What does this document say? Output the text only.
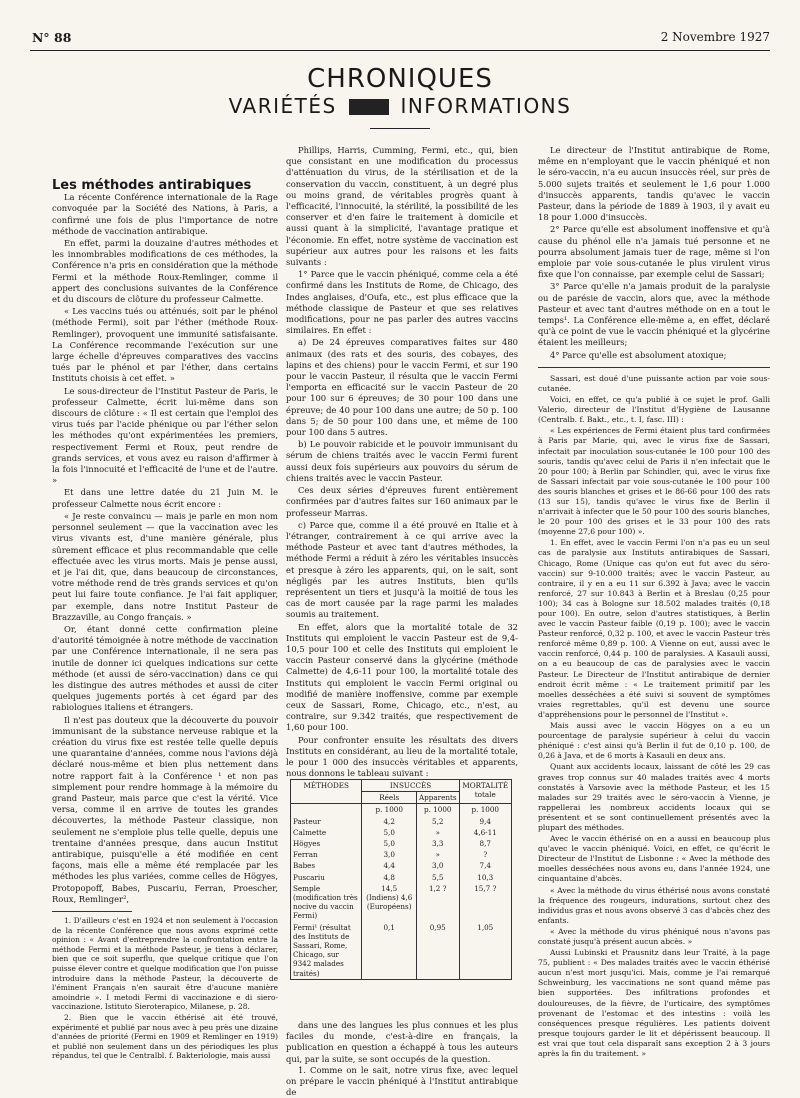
N° 88	2 Novembre 1927
CHRONIQUES
VARIÉTÉS	INFORMATIONS

Les méthodes antirabiques

La récente Conférence internationale de la Rage convoquée par la Société des Nations, à Paris, a confirmé une fois de plus l'importance de notre méthode de vaccination antirabique.

En effet, parmi la douzaine d'autres méthodes et les innombrables modifications de ces méthodes, la Conférence n'a pris en considération que la méthode Fermi et la méthode Roux-Remlinger, comme il appert des conclusions suivantes de la Conférence et du discours de clôture du professeur Calmette.

« Les vaccins tués ou atténués, soit par le phénol (méthode Fermi), soit par l'éther (méthode Roux-Remlinger), provoquent une immunité satisfaisante. La Conférence recommande l'exécution sur une large échelle d'épreuves comparatives des vaccins tués par le phénol et par l'éther, dans certains Instituts choisis à cet effet. »

Le sous-directeur de l'Institut Pasteur de Paris, le professeur Calmette, écrit lui-même dans son discours de clôture : « Il est certain que l'emploi des virus tués par l'acide phénique ou par l'éther selon les méthodes qu'ont expérimentées les premiers, respectivement Fermi et Roux, peut rendre de grands services, et vous avez eu raison d'affirmer à la fois l'innocuité et l'efficacité de l'une et de l'autre. »

Et dans une lettre datée du 21 Juin M. le professeur Calmette nous écrit encore :

« Je reste convaincu — mais je parle en mon nom personnel seulement — que la vaccination avec les virus vivants est, d'une manière générale, plus sûrement efficace et plus recommandable que celle effectuée avec les virus morts. Mais je pense aussi, et je l'ai dit, que, dans beaucoup de circonstances, votre méthode rend de très grands services et qu'on peut lui faire toute confiance. Je l'ai fait appliquer, par exemple, dans notre Institut Pasteur de Brazzaville, au Congo français. »

Or, étant donné cette confirmation pleine d'autorité témoignée à notre méthode de vaccination par une Conférence internationale, il ne sera pas inutile de donner ici quelques indications sur cette méthode (et aussi de séro-vaccination) dans ce qui les distingue des autres méthodes et aussi de citer quelques jugements portés à cet égard par des rabiologues italiens et étrangers.

Il n'est pas douteux que la découverte du pouvoir immunisant de la substance nerveuse rabique et la création du virus fixe est restée telle quelle depuis une quarantaine d'années, comme nous l'avions déjà déclaré nous-même et bien plus nettement dans notre rapport fait à la Conférence ¹ et non pas simplement pour rendre hommage à la mémoire du grand Pasteur, mais parce que c'est la vérité. Vice versa, comme il en arrive de toutes les grandes découvertes, la méthode Pasteur classique, non seulement ne s'emploie plus telle quelle, depuis une trentaine d'années presque, dans aucun Institut antirabique, puisqu'elle a été modifiée en cent façons, mais elle a même été remplacée par les méthodes les plus variées, comme celles de Högyes, Protopopoff, Babes, Puscariu, Ferran, Proescher, Roux, Remlinger²,

1. D'ailleurs c'est en 1924 et non seulement à l'occasion de la récente Conférence que nous avons exprimé cette opinion : « Avant d'entreprendre la confrontation entre la méthode Fermi et la méthode Pasteur, je tiens à déclarer, bien que ce soit superflu, que quelque critique que l'on puisse élever contre et quelque modification que l'on puisse introduire dans la méthode Pasteur, la découverte de l'éminent Français n'en saurait être d'aucune manière amoindrie ». I metodi Fermi di vaccinazione e di siero-vaccinazione. Istituto Sieroterapico, Milanese, p. 28.

2. Bien que le vaccin éthérisé ait été trouvé, expérimenté et publié par nous avec à peu près une dizaine d'années de priorité (Fermi en 1909 et Remlinger en 1919) et publié non seulement dans un des périodiques les plus répandus, tel que le Centralbl. f. Bakteriologie, mais aussi

Phillips, Harris, Cumming, Fermi, etc., qui, bien que consistant en une modification du processus d'atténuation du virus, de la stérilisation et de la conservation du vaccin, constituent, à un degré plus ou moins grand, de véritables progrès quant à l'efficacité, l'innocuité, la stérilité, la possibilité de les conserver et d'en faire le traitement à domicile et aussi quant à la simplicité, l'avantage pratique et l'économie. En effet, notre système de vaccination est supérieur aux autres pour les raisons et les faits suivants :

1° Parce que le vaccin phéniqué, comme cela a été confirmé dans les Instituts de Rome, de Chicago, des Indes anglaises, d'Oufa, etc., est plus efficace que la méthode classique de Pasteur et que ses relatives modifications, pour ne pas parler des autres vaccins similaires. En effet :

a) De 24 épreuves comparatives faites sur 480 animaux (des rats et des souris, des cobayes, des lapins et des chiens) pour le vaccin Fermi, et sur 190 pour le vaccin Pasteur, il résulta que le vaccin Fermi l'emporta en efficacité sur le vaccin Pasteur de 20 pour 100 sur 6 épreuves; de 30 pour 100 dans une épreuve; de 40 pour 100 dans une autre; de 50 p. 100 dans 5; de 50 pour 100 dans une, et même de 100 pour 100 dans 5 autres.

b) Le pouvoir rabicide et le pouvoir immunisant du sérum de chiens traités avec le vaccin Fermi furent aussi deux fois supérieurs aux pouvoirs du sérum de chiens traités avec le vaccin Pasteur.

Ces deux séries d'épreuves furent entièrement confirmées par d'autres faites sur 160 animaux par le professeur Marras.

c) Parce que, comme il a été prouvé en Italie et à l'étranger, contrairement à ce qui arrive avec la méthode Pasteur et avec tant d'autres méthodes, la méthode Fermi a réduit à zéro les véritables insuccès et presque à zéro les apparents, qui, on le sait, sont négligés par les autres Instituts, bien qu'ils représentent un tiers et jusqu'à la moitié de tous les cas de mort causée par la rage parmi les malades soumis au traitement.

En effet, alors que la mortalité totale de 32 Instituts qui emploient le vaccin Pasteur est de 9,4-10,5 pour 100 et celle des Instituts qui emploient le vaccin Pasteur conservé dans la glycérine (méthode Calmette) de 4,6-11 pour 100, la mortalité totale des Instituts qui emploient le vaccin Fermi original ou modifié de manière inoffensive, comme par exemple ceux de Sassari, Rome, Chicago, etc., n'est, au contraire, sur 9.342 traités, que respectivement de 1,60 pour 100.

Pour confronter ensuite les résultats des divers Instituts en considérant, au lieu de la mortalité totale, le pour 1 000 des insuccès véritables et apparents, nous donnons le tableau suivant :

MÉTHODES	INSUCCÈS		MORTALITÉ totale
	Réels	Apparents	
	p. 1000	p. 1000	p. 1000
Pasteur	4,2	5,2	9,4
Calmette	5,0	»	4,6-11
Högyes	5,0	3,3	8,7
Ferran	3,0	»	?
Babes	4,4	3,0	7,4
Puscariu	4,8	5,5	10,3
Semple (modification très nocive du vaccin Fermi)	14,5 (Indiens) 4,6 (Européens)	1,2 ?	15,7 ?
Fermi¹ (résultat des Instituts de Sassari, Rome, Chicago, sur 9342 malades traités)	0,1	0,95	1,05

dans une des langues les plus connues et les plus faciles du monde, c'est-à-dire en français, la publication en question a échappé à tous les auteurs qui, par la suite, se sont occupés de la question.

1. Comme on le sait, notre virus fixe, avec lequel on prépare le vaccin phéniqué à l'Institut antirabique de

Le directeur de l'Institut antirabique de Rome, même en n'employant que le vaccin phéniqué et non le séro-vaccin, n'a eu aucun insuccès réel, sur près de 5.000 sujets traités et seulement le 1,6 pour 1.000 d'insuccès apparents, tandis qu'avec le vaccin Pasteur, dans la période de 1889 à 1903, il y avait eu 18 pour 1.000 d'insuccès.

2° Parce qu'elle est absolument inoffensive et qu'à cause du phénol elle n'a jamais tué personne et ne pourra absolument jamais tuer de rage, même si l'on emploie par voie sous-cutanée le plus virulent virus fixe que l'on connaisse, par exemple celui de Sassari;

3° Parce qu'elle n'a jamais produit de la paralysie ou de parésie de vaccin, alors que, avec la méthode Pasteur et avec tant d'autres méthode on en a tout le temps¹. La Conférence elle-même a, en effet, déclaré qu'à ce point de vue le vaccin phéniqué et la glycérine étaient les meilleurs;

4° Parce qu'elle est absolument atoxique;

Sassari, est doué d'une puissante action par voie sous-cutanée.

Voici, en effet, ce qu'a publié à ce sujet le prof. Galli Valerio, directeur de l'Institut d'Hygiène de Lausanne (Centralb. f. Bakt., etc., t. I, fasc. III) :

« Les expériences de Fermi étaient plus tard confirmées à Paris par Marie, qui, avec le virus fixe de Sassari, infectait par inoculation sous-cutanée le 100 pour 100 des souris, tandis qu'avec celui de Paris il n'en infectait que le 20 pour 100; à Berlin par Schindler, qui, avec le virus fixe de Sassari infectait par voie sous-cutanée le 100 pour 100 des souris blanches et grises et le 86-66 pour 100 des rats (13 sur 15), tandis qu'avec le virus fixe de Berlin il n'arrivait à infecter que le 50 pour 100 des souris blanches, le 20 pour 100 des grises et le 33 pour 100 des rats (moyenne 27,6 pour 100) ».

1. En effet, avec le vaccin Fermi l'on n'a pas eu un seul cas de paralysie aux Instituts antirabiques de Sassari, Chicago, Rome (Unique cas qu'on eut fut avec du séro-vaccin) sur 9-10.000 traités; avec le vaccin Pasteur, au contraire, il y en a eu 11 sur 6.392 à Java; avec le vaccin renforcé, 27 sur 10.843 à Berlin et à Breslau (0,25 pour 100); 34 cas à Bologne sur 18.502 malades traités (0,18 pour 100). En outre, selon d'autres statistiques, à Berlin avec le vaccin Pasteur faible (0,19 p. 100); avec le vaccin Pasteur renforcé, 0,32 p. 100, et avec le vaccin Pasteur très renforcé même 0,89 p. 100. A Vienne on eut, aussi avec le vaccin renforcé, 0,44 p. 100 de paralysies. A Kasauli aussi, on a eu beaucoup de cas de paralysies avec le vaccin Pasteur. Le Directeur de l'Institut antirabique de dernier endroit écrit même : « Le traitement primitif par les moelles desséchées a été suivi si souvent de symptômes vraies regrettables, qu'il est devenu une source d'appréhensions pour le personnel de l'Institut ».

Mais aussi avec le vaccin Högyes on a eu un pourcentage de paralysie supérieur à celui du vaccin phéniqué : c'est ainsi qu'à Berlin il fut de 0,10 p. 100, de 0,26 à Java, et de 6 morts à Kasauli en deux ans.

Quant aux accidents locaux, laissant de côté les 29 cas graves trop connus sur 40 malades traités avec 4 morts constatés à Varsovie avec la méthode Pasteur, et les 15 malades sur 29 traités avec le séro-vaccin à Vienne, je rappellerai les nombreux accidents locaux qui se présentent et se sont continuellement présentés avec la plupart des méthodes.

Avec le vaccin éthérisé on en a aussi en beaucoup plus qu'avec le vaccin phéniqué. Voici, en effet, ce qu'écrit le Directeur de l'Institut de Lisbonne : « Avec la méthode des moelles desséchées nous avons eu, dans l'année 1924, une cinquantaine d'abcès.

« Avec la méthode du virus éthérisé nous avons constaté la fréquence des rougeurs, indurations, surtout chez des individus gras et nous avons observé 3 cas d'abcès chez des enfants.

« Avec la méthode du virus phéniqué nous n'avons pas constaté jusqu'à présent aucun abcès. »

Aussi Lubinski et Prausnitz dans leur Traité, à la page 75, publient : « Des malades traités avec le vaccin éthérisé aucun n'est mort jusqu'ici. Mais, comme je l'ai remarqué Schweinburg, les vaccinations ne sont quand même pas bien supportées. Des infiltrations profondes et douloureuses, de la fièvre, de l'urticaire, des symptômes provenant de l'estomac et des intestins : voilà les conséquences presque régulières. Les patients doivent presque toujours garder le lit et dépérissent beaucoup. Il est vrai que tout cela disparaît sans exception 2 à 3 jours après la fin du traitement. »
